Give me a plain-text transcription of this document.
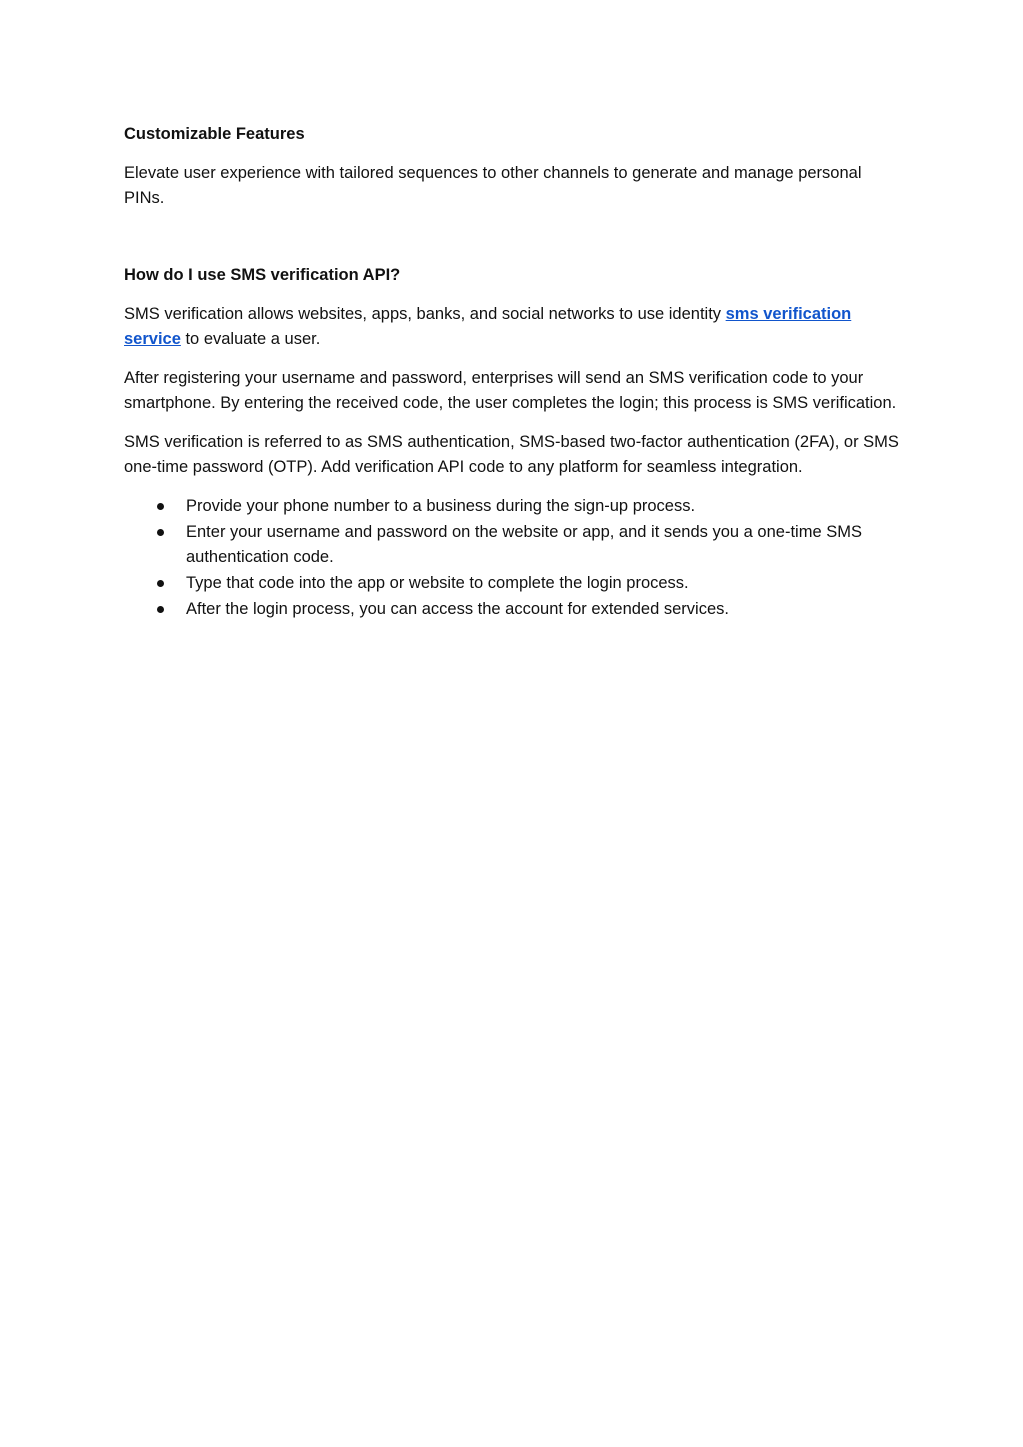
Customizable Features

Elevate user experience with tailored sequences to other channels to generate and manage personal PINs.

How do I use SMS verification API?

SMS verification allows websites, apps, banks, and social networks to use identity sms verification service to evaluate a user.

After registering your username and password, enterprises will send an SMS verification code to your smartphone. By entering the received code, the user completes the login; this process is SMS verification.

SMS verification is referred to as SMS authentication, SMS-based two-factor authentication (2FA), or SMS one-time password (OTP). Add verification API code to any platform for seamless integration.

Provide your phone number to a business during the sign-up process.
Enter your username and password on the website or app, and it sends you a one-time SMS authentication code.
Type that code into the app or website to complete the login process.
After the login process, you can access the account for extended services.
